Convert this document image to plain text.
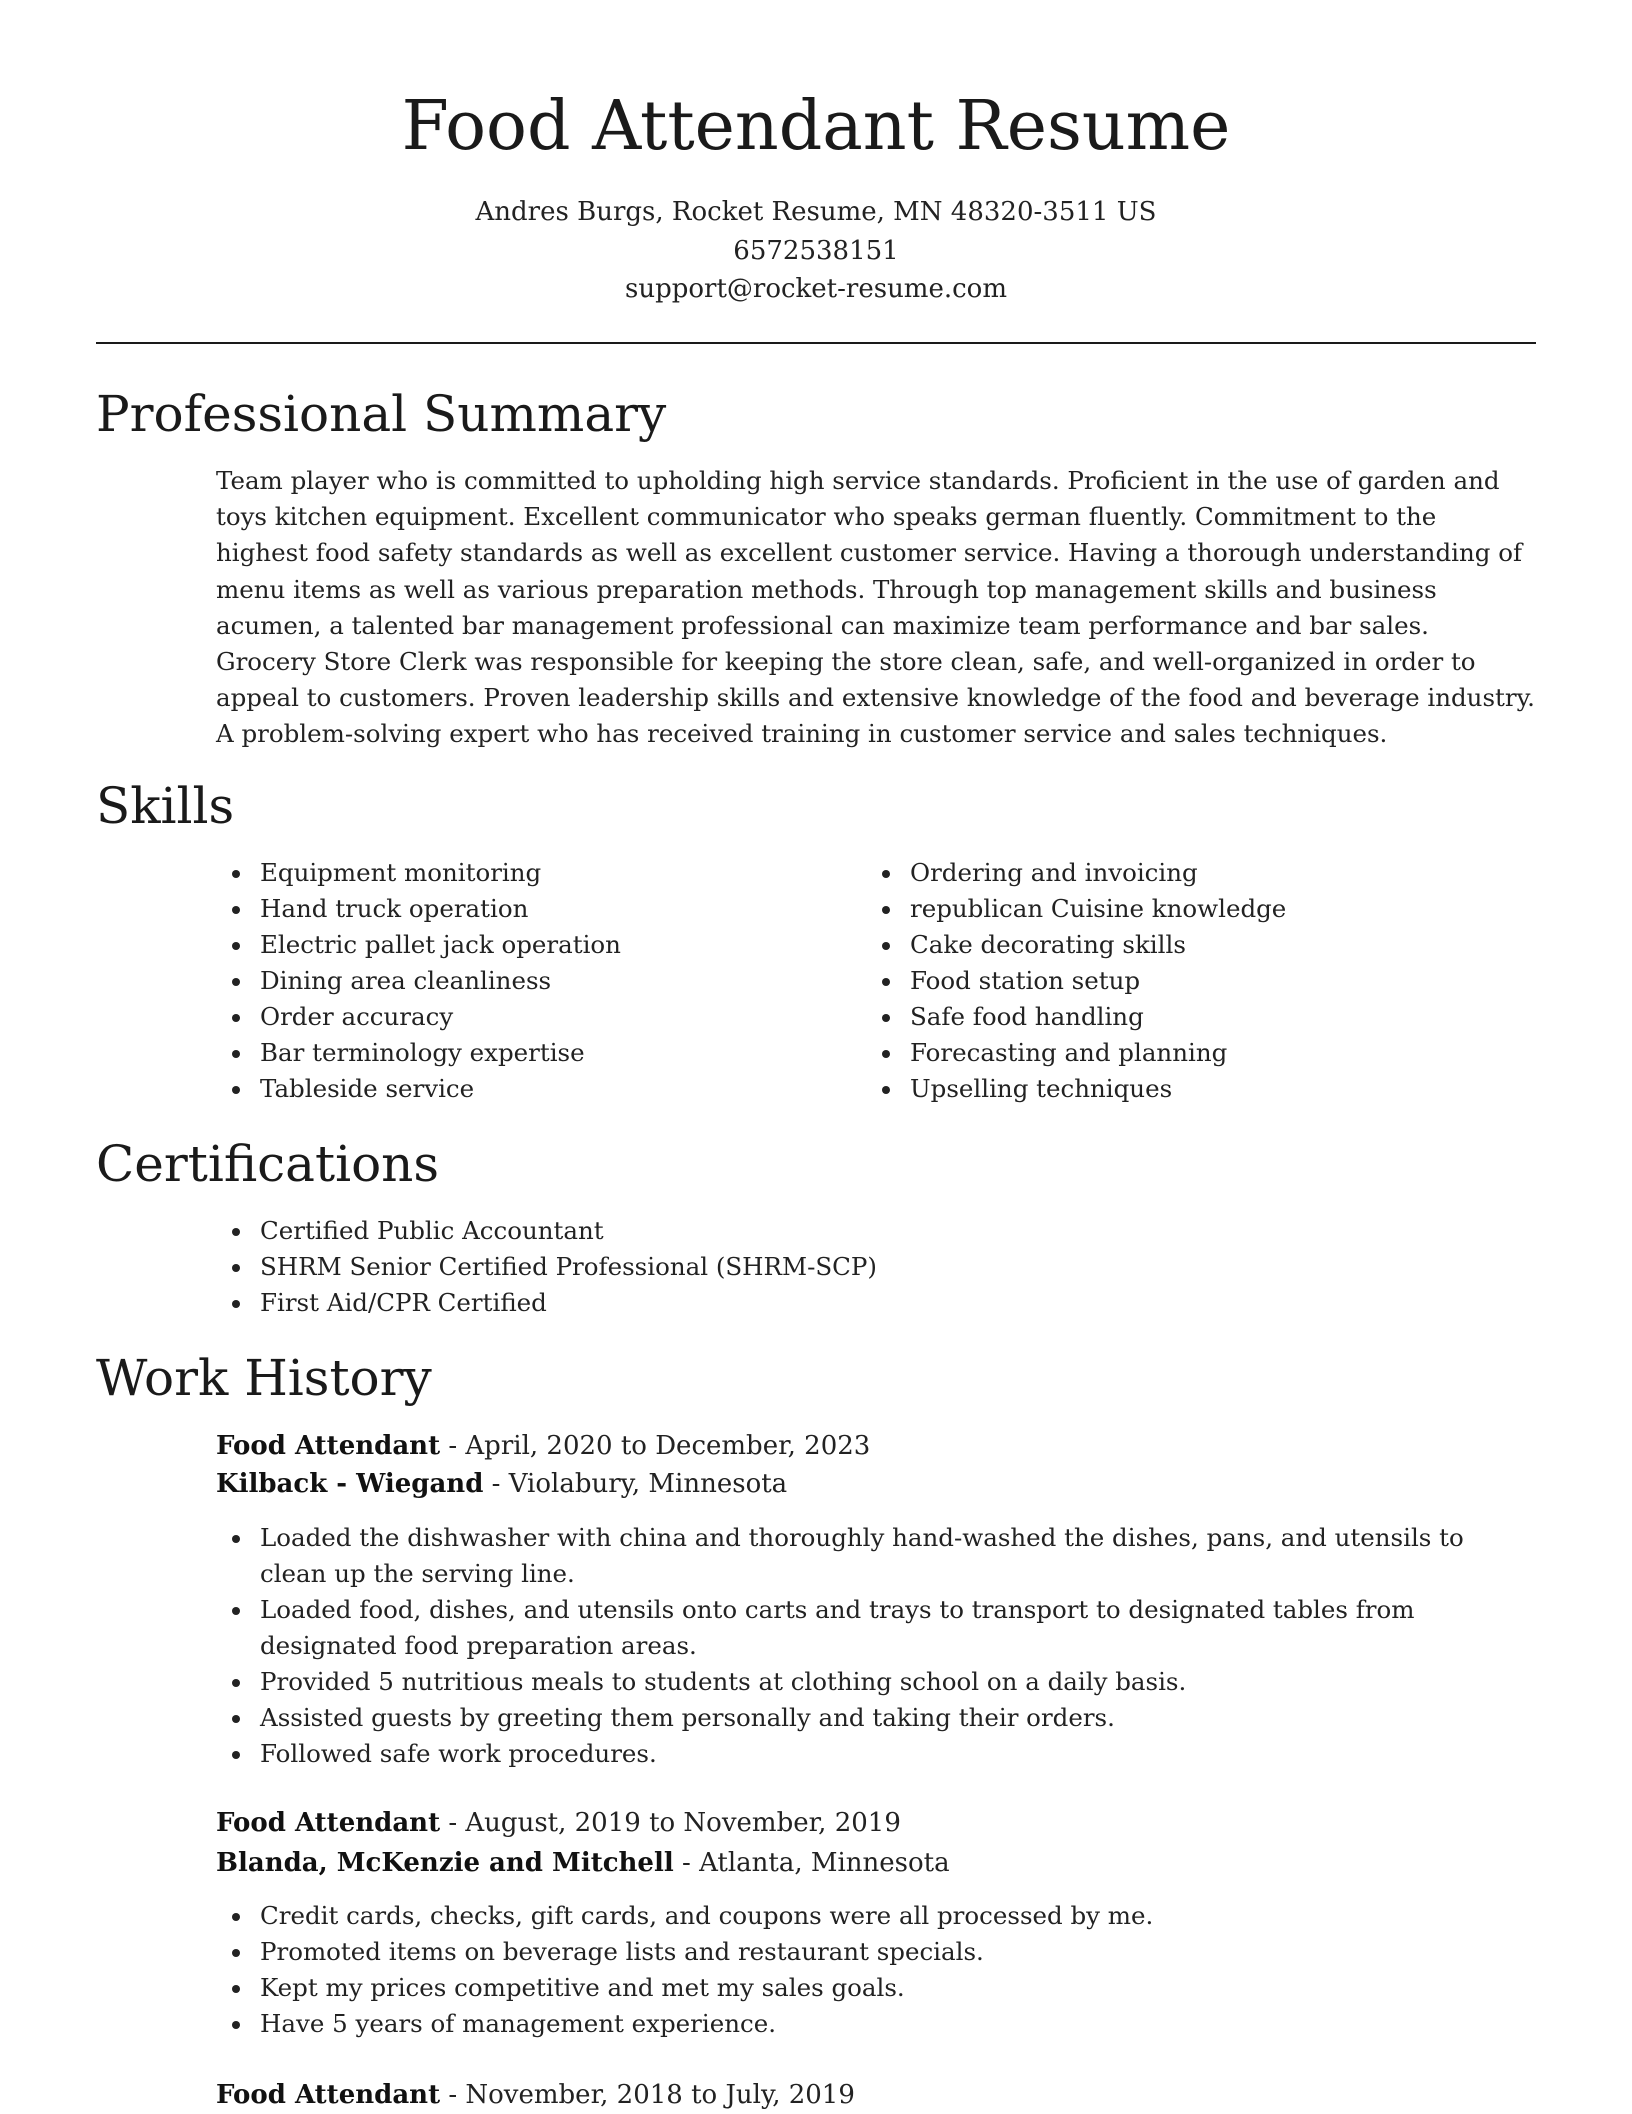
Food Attendant Resume
Andres Burgs, Rocket Resume, MN 48320-3511 US
6572538151
support@rocket-resume.com
Professional Summary

Team player who is committed to upholding high service standards. Proficient in the use of garden and toys kitchen equipment. Excellent communicator who speaks german fluently. Commitment to the highest food safety standards as well as excellent customer service. Having a thorough understanding of menu items as well as various preparation methods. Through top management skills and business acumen, a talented bar management professional can maximize team performance and bar sales. Grocery Store Clerk was responsible for keeping the store clean, safe, and well-organized in order to appeal to customers. Proven leadership skills and extensive knowledge of the food and beverage industry. A problem-solving expert who has received training in customer service and sales techniques.

Skills
Equipment monitoring
Hand truck operation
Electric pallet jack operation
Dining area cleanliness
Order accuracy
Bar terminology expertise
Tableside service
Ordering and invoicing
republican Cuisine knowledge
Cake decorating skills
Food station setup
Safe food handling
Forecasting and planning
Upselling techniques
Certifications
Certified Public Accountant
SHRM Senior Certified Professional (SHRM-SCP)
First Aid/CPR Certified
Work History
Food Attendant - April, 2020 to December, 2023
Kilback - Wiegand - Violabury, Minnesota
Loaded the dishwasher with china and thoroughly hand-washed the dishes, pans, and utensils to clean up the serving line.
Loaded food, dishes, and utensils onto carts and trays to transport to designated tables from designated food preparation areas.
Provided 5 nutritious meals to students at clothing school on a daily basis.
Assisted guests by greeting them personally and taking their orders.
Followed safe work procedures.
Food Attendant - August, 2019 to November, 2019
Blanda, McKenzie and Mitchell - Atlanta, Minnesota
Credit cards, checks, gift cards, and coupons were all processed by me.
Promoted items on beverage lists and restaurant specials.
Kept my prices competitive and met my sales goals.
Have 5 years of management experience.
Food Attendant - November, 2018 to July, 2019
